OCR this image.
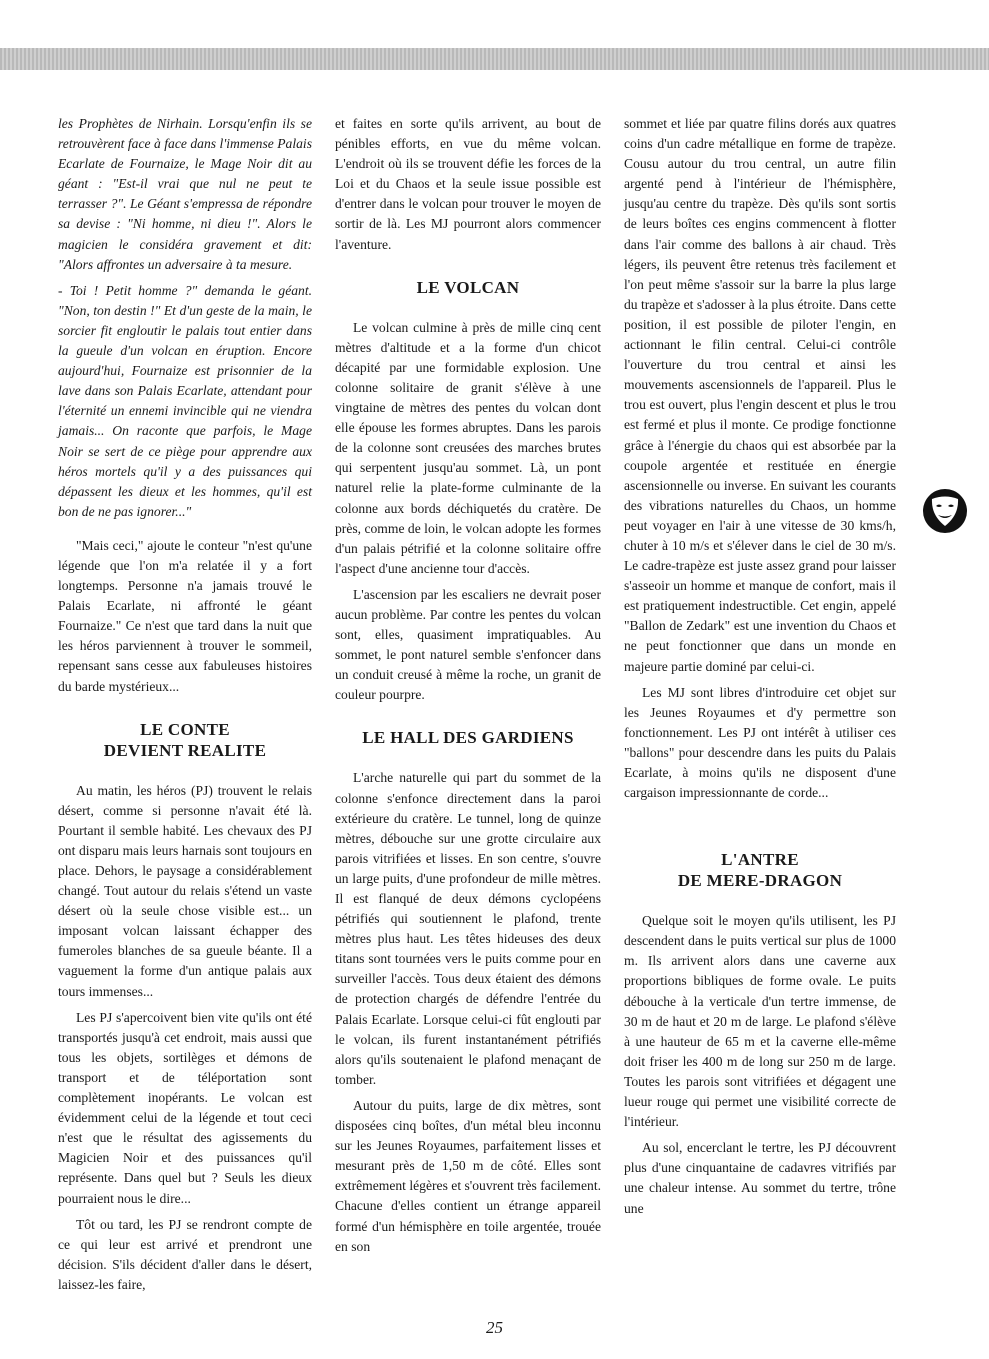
les Prophètes de Nirhain. Lorsqu'enfin ils se retrouvèrent face à face dans l'immense Palais Ecarlate de Fournaize, le Mage Noir dit au géant : "Est-il vrai que nul ne peut te terrasser ?". Le Géant s'empressa de répondre sa devise : "Ni homme, ni dieu !". Alors le magicien le considéra gravement et dit: "Alors affrontes un adversaire à ta mesure.

- Toi ! Petit homme ?" demanda le géant. "Non, ton destin !" Et d'un geste de la main, le sorcier fit engloutir le palais tout entier dans la gueule d'un volcan en éruption. Encore aujourd'hui, Fournaize est prisonnier de la lave dans son Palais Ecarlate, attendant pour l'éternité un ennemi invincible qui ne viendra jamais... On raconte que parfois, le Mage Noir se sert de ce piège pour apprendre aux héros mortels qu'il y a des puissances qui dépassent les dieux et les hommes, qu'il est bon de ne pas ignorer..."

"Mais ceci," ajoute le conteur "n'est qu'une légende que l'on m'a relatée il y a fort longtemps. Personne n'a jamais trouvé le Palais Ecarlate, ni affronté le géant Fournaize." Ce n'est que tard dans la nuit que les héros parviennent à trouver le sommeil, repensant sans cesse aux fabuleuses histoires du barde mystérieux...

LE CONTE
DEVIENT REALITE

Au matin, les héros (PJ) trouvent le relais désert, comme si personne n'avait été là. Pourtant il semble habité. Les chevaux des PJ ont disparu mais leurs harnais sont toujours en place. Dehors, le paysage a considérablement changé. Tout autour du relais s'étend un vaste désert où la seule chose visible est... un imposant volcan laissant échapper des fumeroles blanches de sa gueule béante. Il a vaguement la forme d'un antique palais aux tours immenses...

Les PJ s'apercoivent bien vite qu'ils ont été transportés jusqu'à cet endroit, mais aussi que tous les objets, sortilèges et démons de transport et de téléportation sont complètement inopérants. Le volcan est évidemment celui de la légende et tout ceci n'est que le résultat des agissements du Magicien Noir et des puissances qu'il représente. Dans quel but ? Seuls les dieux pourraient nous le dire...

Tôt ou tard, les PJ se rendront compte de ce qui leur est arrivé et prendront une décision. S'ils décident d'aller dans le désert, laissez-les faire,

et faites en sorte qu'ils arrivent, au bout de pénibles efforts, en vue du même volcan. L'endroit où ils se trouvent défie les forces de la Loi et du Chaos et la seule issue possible est d'entrer dans le volcan pour trouver le moyen de sortir de là. Les MJ pourront alors commencer l'aventure.

LE VOLCAN

Le volcan culmine à près de mille cinq cent mètres d'altitude et a la forme d'un chicot décapité par une formidable explosion. Une colonne solitaire de granit s'élève à une vingtaine de mètres des pentes du volcan dont elle épouse les formes abruptes. Dans les parois de la colonne sont creusées des marches brutes qui serpentent jusqu'au sommet. Là, un pont naturel relie la plate-forme culminante de la colonne aux bords déchiquetés du cratère. De près, comme de loin, le volcan adopte les formes d'un palais pétrifié et la colonne solitaire offre l'aspect d'une ancienne tour d'accès.

L'ascension par les escaliers ne devrait poser aucun problème. Par contre les pentes du volcan sont, elles, quasiment impratiquables. Au sommet, le pont naturel semble s'enfoncer dans un conduit creusé à même la roche, un granit de couleur pourpre.

LE HALL DES GARDIENS

L'arche naturelle qui part du sommet de la colonne s'enfonce directement dans la paroi extérieure du cratère. Le tunnel, long de quinze mètres, débouche sur une grotte circulaire aux parois vitrifiées et lisses. En son centre, s'ouvre un large puits, d'une profondeur de mille mètres. Il est flanqué de deux démons cyclopéens pétrifiés qui soutiennent le plafond, trente mètres plus haut. Les têtes hideuses des deux titans sont tournées vers le puits comme pour en surveiller l'accès. Tous deux étaient des démons de protection chargés de défendre l'entrée du Palais Ecarlate. Lorsque celui-ci fût englouti par le volcan, ils furent instantanément pétrifiés alors qu'ils soutenaient le plafond menaçant de tomber.

Autour du puits, large de dix mètres, sont disposées cinq boîtes, d'un métal bleu inconnu sur les Jeunes Royaumes, parfaitement lisses et mesurant près de 1,50 m de côté. Elles sont extrêmement légères et s'ouvrent très facilement. Chacune d'elles contient un étrange appareil formé d'un hémisphère en toile argentée, trouée en son

sommet et liée par quatre filins dorés aux quatres coins d'un cadre métallique en forme de trapèze. Cousu autour du trou central, un autre filin argenté pend à l'intérieur de l'hémisphère, jusqu'au centre du trapèze. Dès qu'ils sont sortis de leurs boîtes ces engins commencent à flotter dans l'air comme des ballons à air chaud. Très légers, ils peuvent être retenus très facilement et l'on peut même s'assoir sur la barre la plus large du trapèze et s'adosser à la plus étroite. Dans cette position, il est possible de piloter l'engin, en actionnant le filin central. Celui-ci contrôle l'ouverture du trou central et ainsi les mouvements ascensionnels de l'appareil. Plus le trou est ouvert, plus l'engin descent et plus le trou est fermé et plus il monte. Ce prodige fonctionne grâce à l'énergie du chaos qui est absorbée par la coupole argentée et restituée en énergie ascensionnelle ou inverse. En suivant les courants des vibrations naturelles du Chaos, un homme peut voyager en l'air à une vitesse de 30 kms/h, chuter à 10 m/s et s'élever dans le ciel de 30 m/s. Le cadre-trapèze est juste assez grand pour laisser s'asseoir un homme et manque de confort, mais il est pratiquement indestructible. Cet engin, appelé "Ballon de Zedark" est une invention du Chaos et ne peut fonctionner que dans un monde en majeure partie dominé par celui-ci.

Les MJ sont libres d'introduire cet objet sur les Jeunes Royaumes et d'y permettre son fonctionnement. Les PJ ont intérêt à utiliser ces "ballons" pour descendre dans les puits du Palais Ecarlate, à moins qu'ils ne disposent d'une cargaison impressionnante de corde...

L'ANTRE
DE MERE-DRAGON

Quelque soit le moyen qu'ils utilisent, les PJ descendent dans le puits vertical sur plus de 1000 m. Ils arrivent alors dans une caverne aux proportions bibliques de forme ovale. Le puits débouche à la verticale d'un tertre immense, de 30 m de haut et 20 m de large. Le plafond s'élève à une hauteur de 65 m et la caverne elle-même doit friser les 400 m de long sur 250 m de large. Toutes les parois sont vitrifiées et dégagent une lueur rouge qui permet une visibilité correcte de l'intérieur.

Au sol, encerclant le tertre, les PJ découvrent plus d'une cinquantaine de cadavres vitrifiés par une chaleur intense. Au sommet du tertre, trône une

25
